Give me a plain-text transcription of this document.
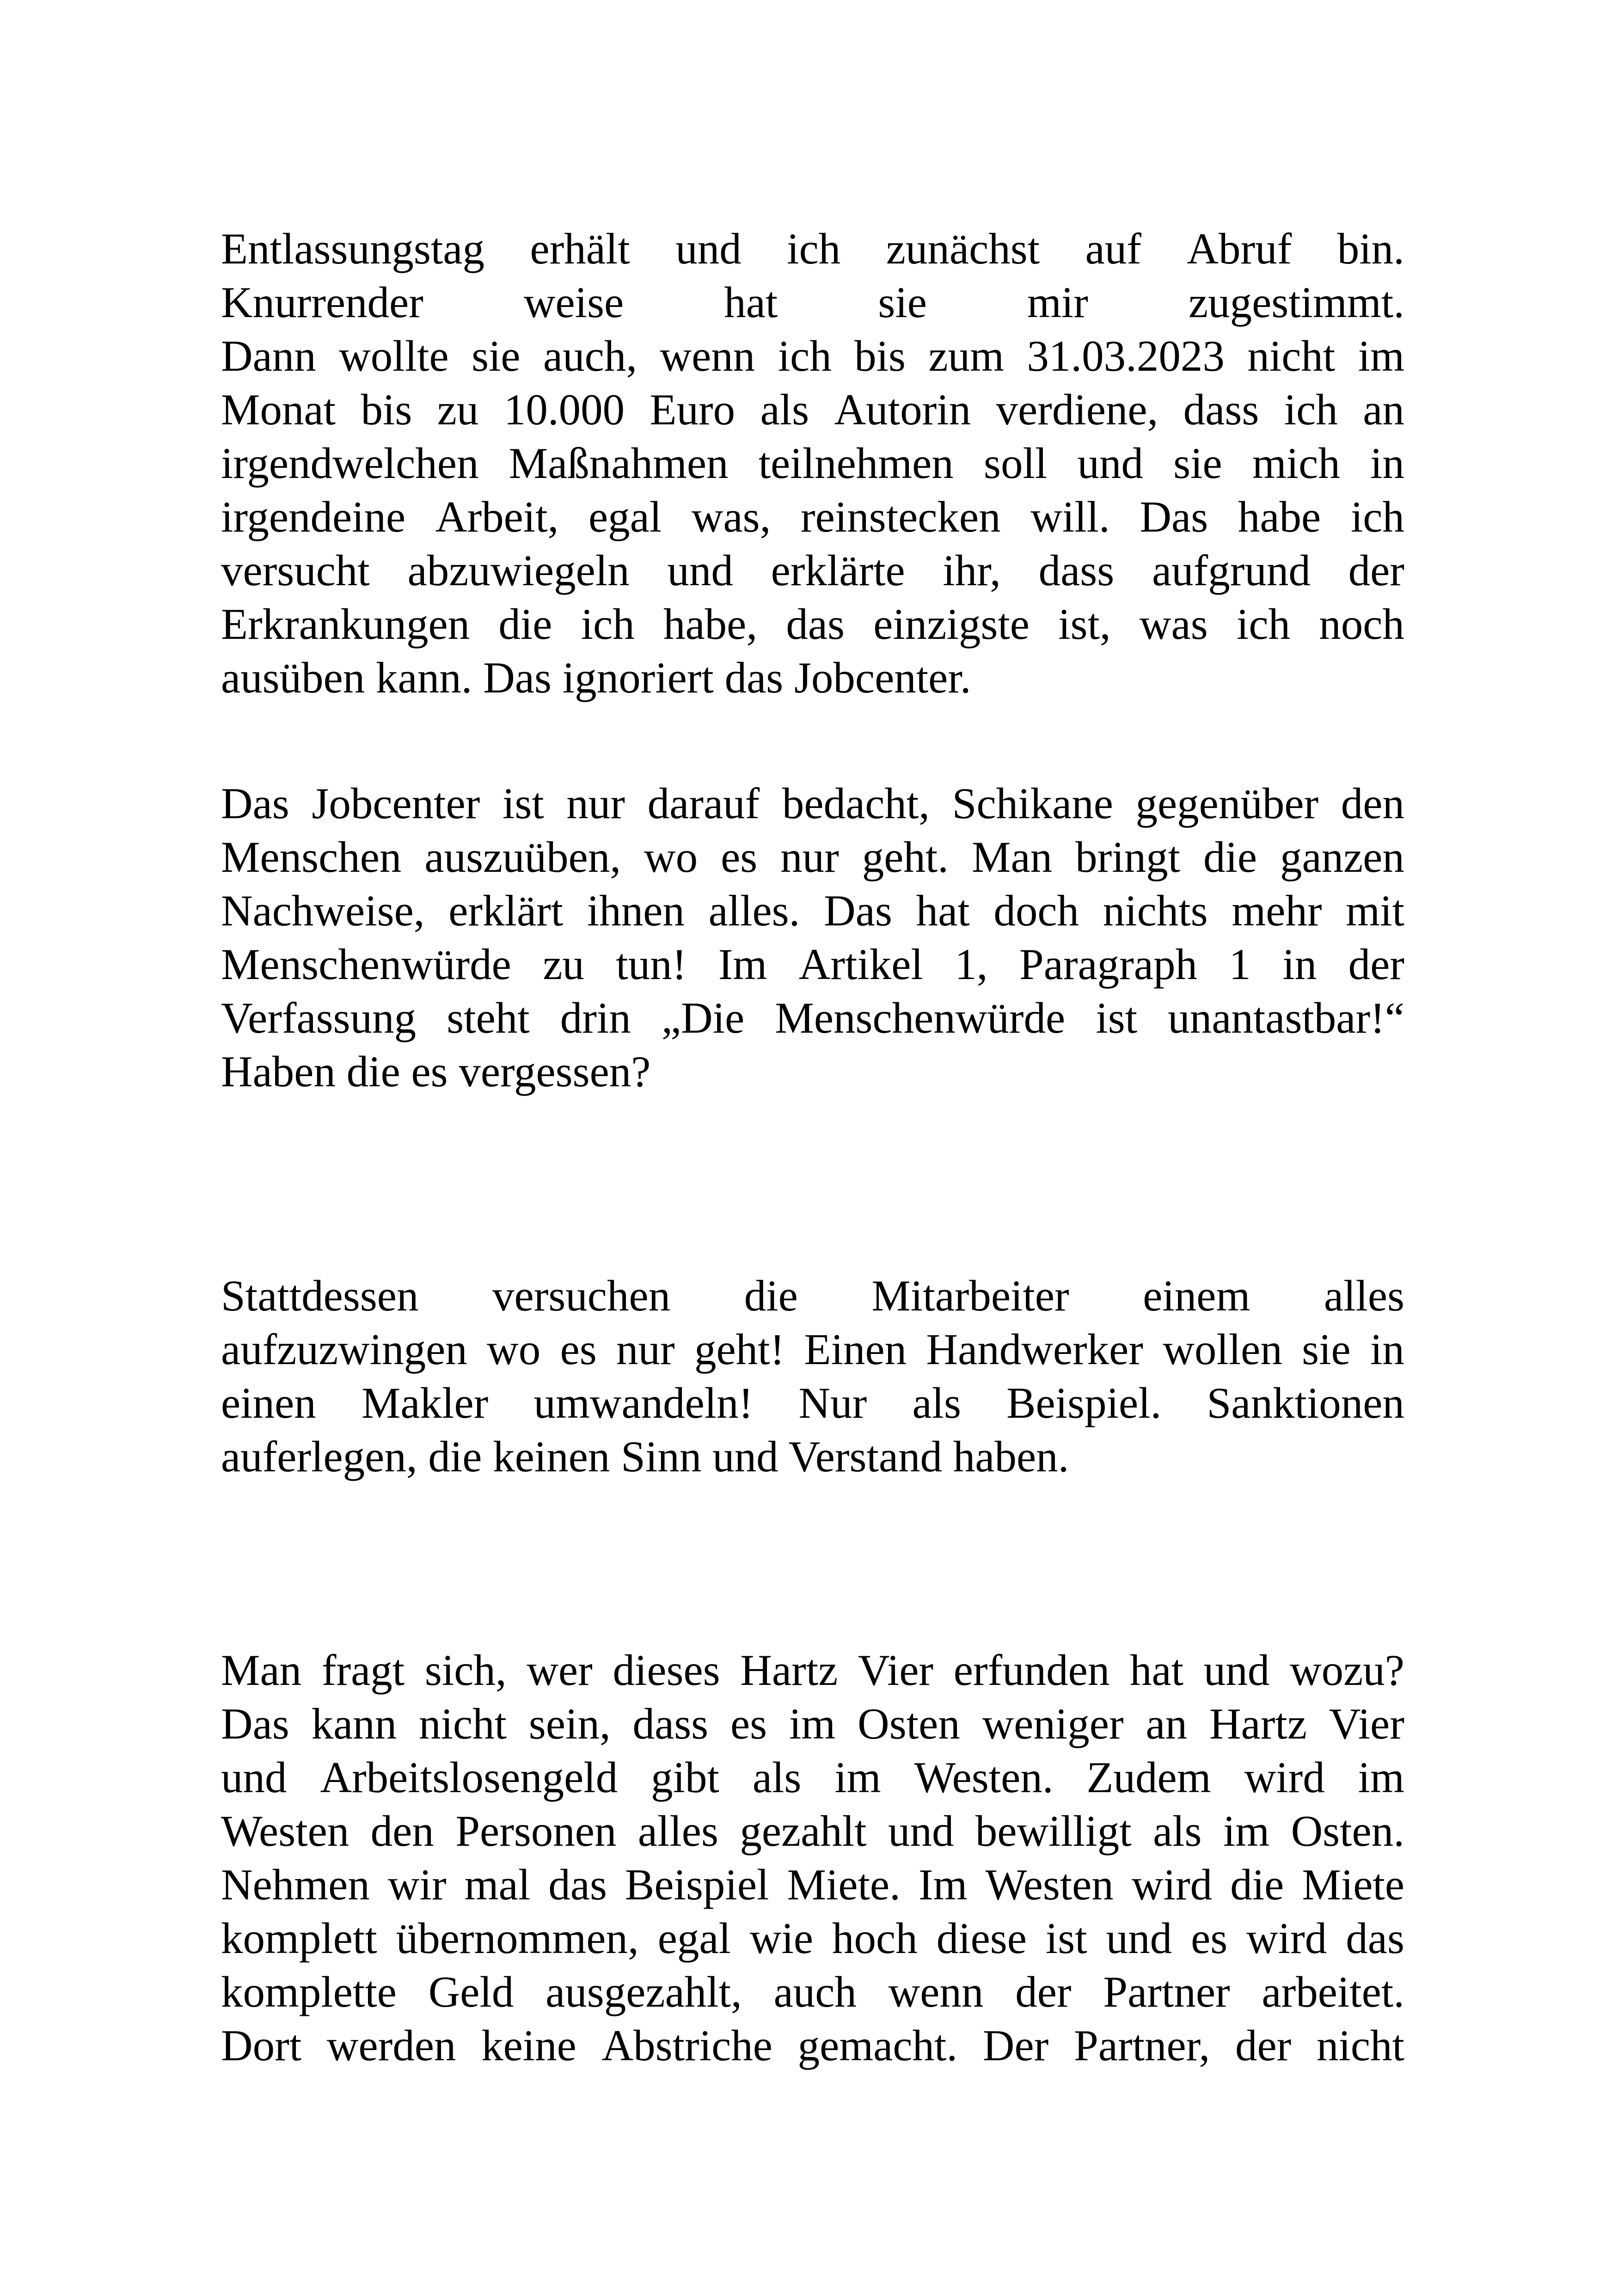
Entlassungstag erhält und ich zunächst auf Abruf bin.
Knurrender weise hat sie mir zugestimmt.
Dann wollte sie auch, wenn ich bis zum 31.03.2023 nicht im
Monat bis zu 10.000 Euro als Autorin verdiene, dass ich an
irgendwelchen Maßnahmen teilnehmen soll und sie mich in
irgendeine Arbeit, egal was, reinstecken will. Das habe ich
versucht abzuwiegeln und erklärte ihr, dass aufgrund der
Erkrankungen die ich habe, das einzigste ist, was ich noch
ausüben kann. Das ignoriert das Jobcenter.
Das Jobcenter ist nur darauf bedacht, Schikane gegenüber den
Menschen auszuüben, wo es nur geht. Man bringt die ganzen
Nachweise, erklärt ihnen alles. Das hat doch nichts mehr mit
Menschenwürde zu tun! Im Artikel 1, Paragraph 1 in der
Verfassung steht drin „Die Menschenwürde ist unantastbar!“
Haben die es vergessen?
Stattdessen versuchen die Mitarbeiter einem alles
aufzuzwingen wo es nur geht! Einen Handwerker wollen sie in
einen Makler umwandeln! Nur als Beispiel. Sanktionen
auferlegen, die keinen Sinn und Verstand haben.
Man fragt sich, wer dieses Hartz Vier erfunden hat und wozu?
Das kann nicht sein, dass es im Osten weniger an Hartz Vier
und Arbeitslosengeld gibt als im Westen. Zudem wird im
Westen den Personen alles gezahlt und bewilligt als im Osten.
Nehmen wir mal das Beispiel Miete. Im Westen wird die Miete
komplett übernommen, egal wie hoch diese ist und es wird das
komplette Geld ausgezahlt, auch wenn der Partner arbeitet.
Dort werden keine Abstriche gemacht. Der Partner, der nicht
